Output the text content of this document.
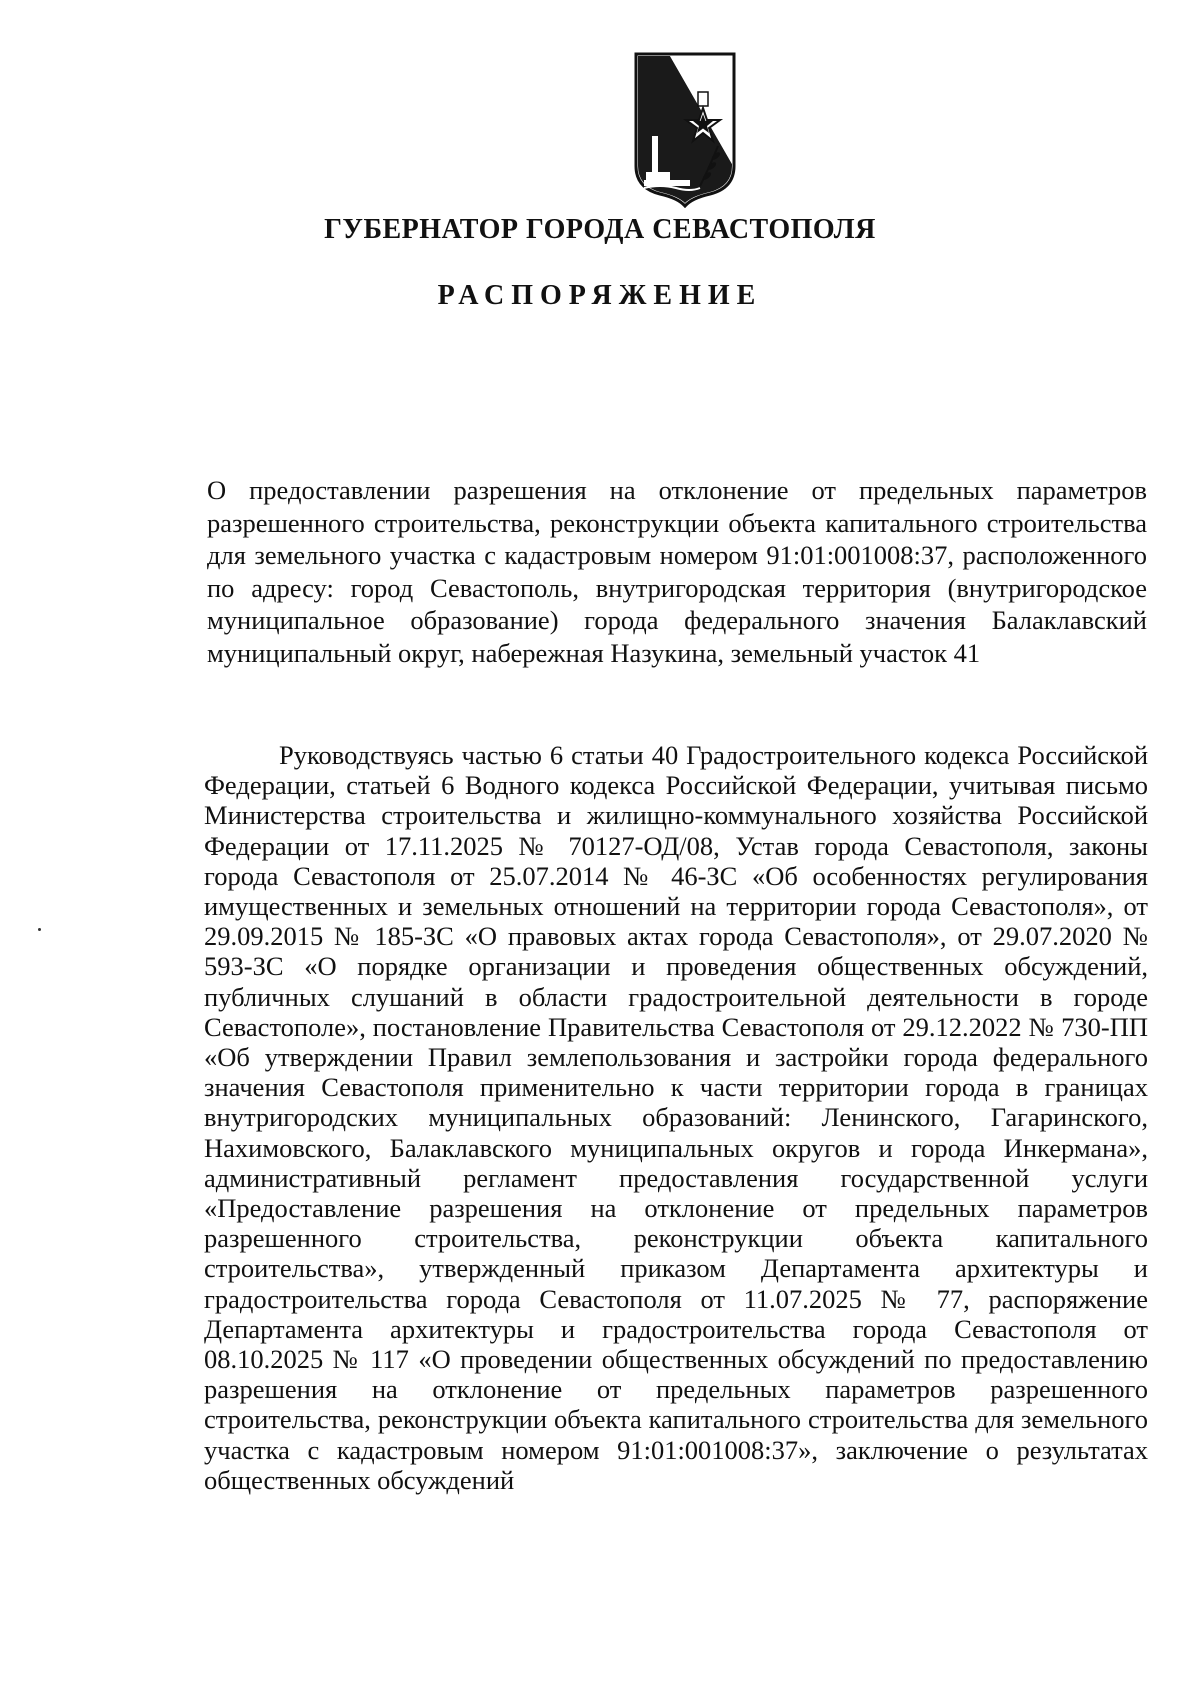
ГУБЕРНАТОР ГОРОДА СЕВАСТОПОЛЯ
РАСПОРЯЖЕНИЕ
О предоставлении разрешения на отклонение от предельных параметров разрешенного строительства, реконструкции объекта капитального строительства для земельного участка с кадастровым номером 91:01:001008:37, расположенного по адресу: город Севастополь, внутригородская территория (внутригородское муниципальное образование) города федерального значения Балаклавский муниципальный округ, набережная Назукина, земельный участок 41
Руководствуясь частью 6 статьи 40 Градостроительного кодекса Российской Федерации, статьей 6 Водного кодекса Российской Федерации, учитывая письмо Министерства строительства и жилищно-коммунального хозяйства Российской Федерации от 17.11.2025 № 70127-ОД/08, Устав города Севастополя, законы города Севастополя от 25.07.2014 № 46-ЗС «Об особенностях регулирования имущественных и земельных отношений на территории города Севастополя», от 29.09.2015 № 185-ЗС «О правовых актах города Севастополя», от 29.07.2020 № 593-ЗС «О порядке организации и проведения общественных обсуждений, публичных слушаний в области градостроительной деятельности в городе Севастополе», постановление Правительства Севастополя от 29.12.2022 № 730-ПП «Об утверждении Правил землепользования и застройки города федерального значения Севастополя применительно к части территории города в границах внутригородских муниципальных образований: Ленинского, Гагаринского, Нахимовского, Балаклавского муниципальных округов и города Инкермана», административный регламент предоставления государственной услуги «Предоставление разрешения на отклонение от предельных параметров разрешенного строительства, реконструкции объекта капитального строительства», утвержденный приказом Департамента архитектуры и градостроительства города Севастополя от 11.07.2025 № 77, распоряжение Департамента архитектуры и градостроительства города Севастополя от 08.10.2025 № 117 «О проведении общественных обсуждений по предоставлению разрешения на отклонение от предельных параметров разрешенного строительства, реконструкции объекта капитального строительства для земельного участка с кадастровым номером 91:01:001008:37», заключение о результатах общественных обсуждений
